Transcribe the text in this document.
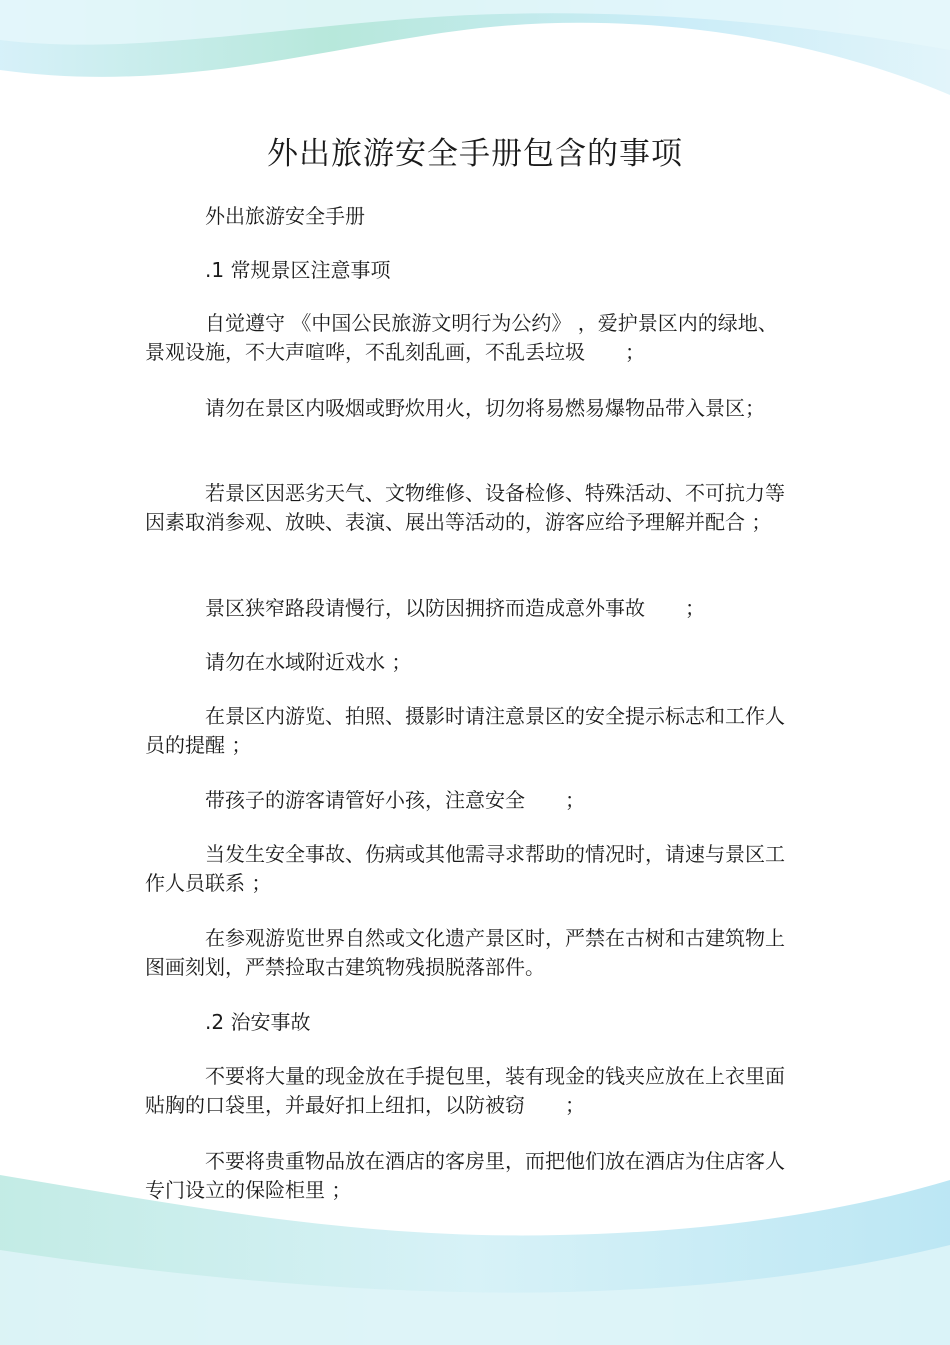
外出旅游安全手册包含的事项

外出旅游安全手册

.1 常规景区注意事项

自觉遵守 《中国公民旅游文明行为公约》 ，爱护景区内的绿地、景观设施，不大声喧哗，不乱刻乱画，不乱丢垃圾　　；

请勿在景区内吸烟或野炊用火，切勿将易燃易爆物品带入景区；

若景区因恶劣天气、文物维修、设备检修、特殊活动、不可抗力等因素取消参观、放映、表演、展出等活动的，游客应给予理解并配合 ；

景区狭窄路段请慢行，以防因拥挤而造成意外事故　　；

请勿在水域附近戏水 ；

在景区内游览、拍照、摄影时请注意景区的安全提示标志和工作人员的提醒 ；

带孩子的游客请管好小孩，注意安全　　；

当发生安全事故、伤病或其他需寻求帮助的情况时，请速与景区工作人员联系 ；

在参观游览世界自然或文化遗产景区时，严禁在古树和古建筑物上图画刻划，严禁捡取古建筑物残损脱落部件。

.2 治安事故

不要将大量的现金放在手提包里，装有现金的钱夹应放在上衣里面贴胸的口袋里，并最好扣上纽扣，以防被窃　　；

不要将贵重物品放在酒店的客房里，而把他们放在酒店为住店客人专门设立的保险柜里 ；
